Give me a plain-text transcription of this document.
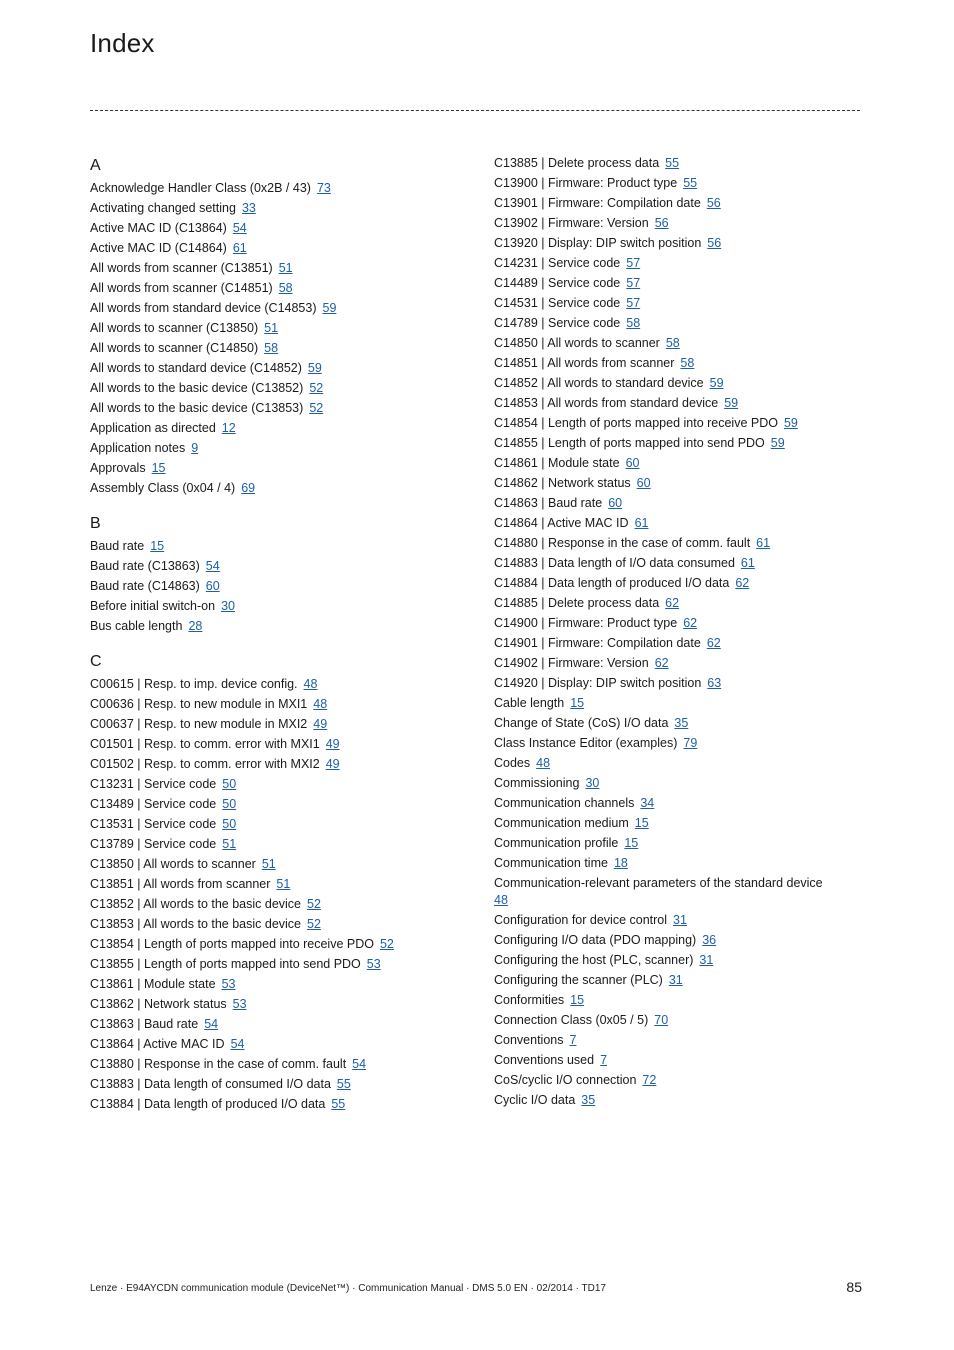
Index
A
Acknowledge Handler Class (0x2B / 43) 73
Activating changed setting 33
Active MAC ID (C13864) 54
Active MAC ID (C14864) 61
All words from scanner (C13851) 51
All words from scanner (C14851) 58
All words from standard device (C14853) 59
All words to scanner (C13850) 51
All words to scanner (C14850) 58
All words to standard device (C14852) 59
All words to the basic device (C13852) 52
All words to the basic device (C13853) 52
Application as directed 12
Application notes 9
Approvals 15
Assembly Class (0x04 / 4) 69
B
Baud rate 15
Baud rate (C13863) 54
Baud rate (C14863) 60
Before initial switch-on 30
Bus cable length 28
C
C00615 | Resp. to imp. device config. 48
C00636 | Resp. to new module in MXI1 48
C00637 | Resp. to new module in MXI2 49
C01501 | Resp. to comm. error with MXI1 49
C01502 | Resp. to comm. error with MXI2 49
C13231 | Service code 50
C13489 | Service code 50
C13531 | Service code 50
C13789 | Service code 51
C13850 | All words to scanner 51
C13851 | All words from scanner 51
C13852 | All words to the basic device 52
C13853 | All words to the basic device 52
C13854 | Length of ports mapped into receive PDO 52
C13855 | Length of ports mapped into send PDO 53
C13861 | Module state 53
C13862 | Network status 53
C13863 | Baud rate 54
C13864 | Active MAC ID 54
C13880 | Response in the case of comm. fault 54
C13883 | Data length of consumed I/O data 55
C13884 | Data length of produced I/O data 55
C13885 | Delete process data 55
C13900 | Firmware: Product type 55
C13901 | Firmware: Compilation date 56
C13902 | Firmware: Version 56
C13920 | Display: DIP switch position 56
C14231 | Service code 57
C14489 | Service code 57
C14531 | Service code 57
C14789 | Service code 58
C14850 | All words to scanner 58
C14851 | All words from scanner 58
C14852 | All words to standard device 59
C14853 | All words from standard device 59
C14854 | Length of ports mapped into receive PDO 59
C14855 | Length of ports mapped into send PDO 59
C14861 | Module state 60
C14862 | Network status 60
C14863 | Baud rate 60
C14864 | Active MAC ID 61
C14880 | Response in the case of comm. fault 61
C14883 | Data length of I/O data consumed 61
C14884 | Data length of produced I/O data 62
C14885 | Delete process data 62
C14900 | Firmware: Product type 62
C14901 | Firmware: Compilation date 62
C14902 | Firmware: Version 62
C14920 | Display: DIP switch position 63
Cable length 15
Change of State (CoS) I/O data 35
Class Instance Editor (examples) 79
Codes 48
Commissioning 30
Communication channels 34
Communication medium 15
Communication profile 15
Communication time 18
Communication-relevant parameters of the standard device
48
Configuration for device control 31
Configuring I/O data (PDO mapping) 36
Configuring the host (PLC, scanner) 31
Configuring the scanner (PLC) 31
Conformities 15
Connection Class (0x05 / 5) 70
Conventions 7
Conventions used 7
CoS/cyclic I/O connection 72
Cyclic I/O data 35
Lenze · E94AYCDN communication module (DeviceNet™) · Communication Manual · DMS 5.0 EN · 02/2014 · TD17	85
